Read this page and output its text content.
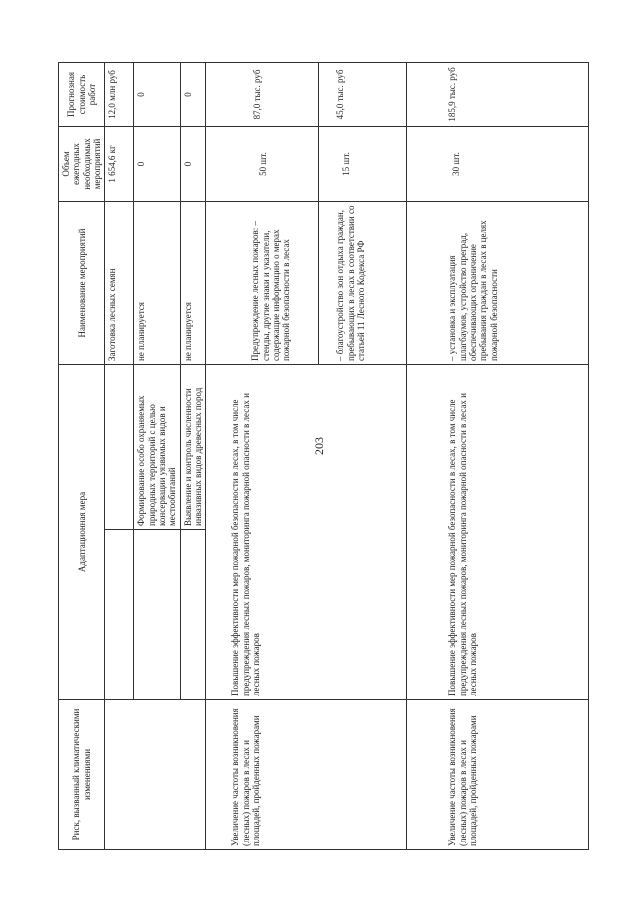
203
Риск, вызванный климатическими изменениями	Адаптационная мера		Наименование мероприятий	Объем ежегодных необходимых мероприятий	Прогнозная стоимость работ
			Заготовка лесных семян	1 654,6 кг	12,0 млн руб
		Формирование особо охраняемых природных территорий с целью консервации уязвимых видов и местообитаний	не планируется	0	0
		Выявление и контроль численности инвазивных видов древесных пород	не планируется	0	0
Увеличение частоты возникновения (лесных) пожаров в лесах и площадей, пройденных пожарами	Повышение эффективности мер пожарной безопасности в лесах, в том числе предупреждения лесных пожаров, мониторинга пожарной опасности в лесах и лесных пожаров		Предупреждение лесных пожаров: – стенды, другие знаки и указатели, содержащие информацию о мерах пожарной безопасности в лесах	50 шт.	87,0 тыс. руб
			– благоустройство зон отдыха граждан, пребывающих в лесах в соответствии со статьей 11 Лесного Кодекса РФ	15 шт.	45,0 тыс. руб
Увеличение частоты возникновения (лесных) пожаров в лесах и площадей, пройденных пожарами	Повышение эффективности мер пожарной безопасности в лесах, в том числе предупреждения лесных пожаров, мониторинга пожарной опасности в лесах и лесных пожаров		– установка и эксплуатация шлагбаумов, устройство преград, обеспечивающих ограничение пребывания граждан в лесах в целях пожарной безопасности	30 шт.	185,9 тыс. руб
